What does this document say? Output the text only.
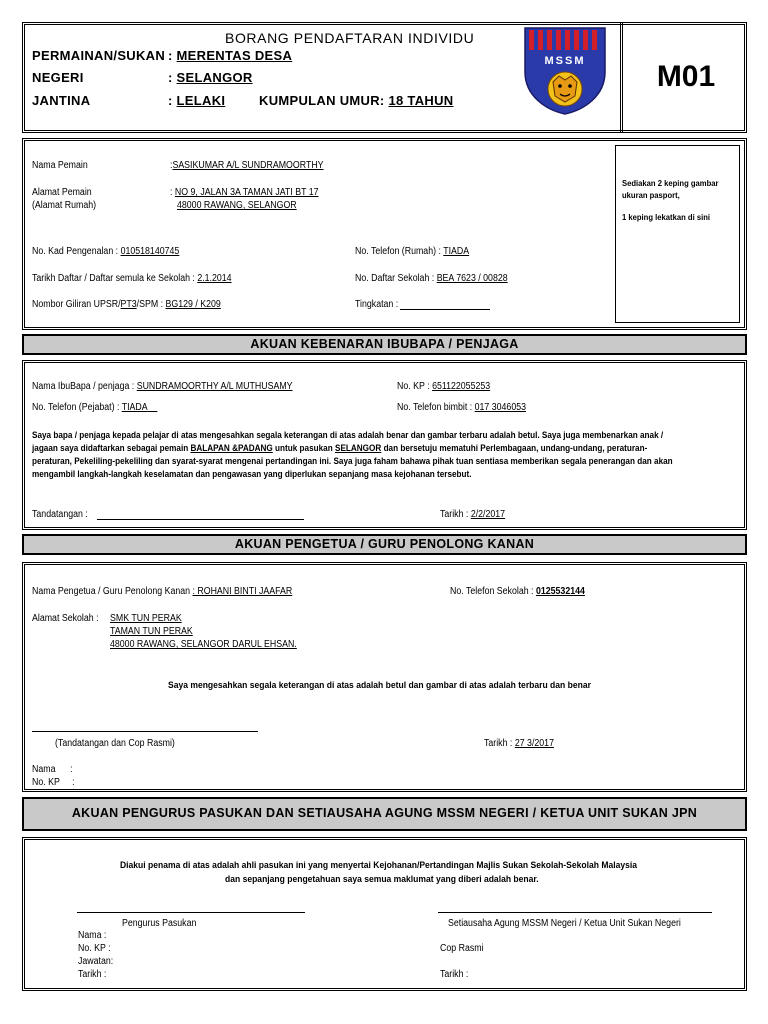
BORANG PENDAFTARAN INDIVIDU
PERMAINAN/SUKAN : MERENTAS DESA
NEGERI	: SELANGOR
JANTINA	: LELAKI	KUMPULAN UMUR: 18 TAHUN
MSSM	M01
Sediakan 2 keping gambar
ukuran pasport,
1 keping lekatkan di sini
Nama Pemain	:SASIKUMAR A/L SUNDRAMOORTHY
Alamat Pemain
(Alamat Rumah)
: NO 9, JALAN 3A TAMAN JATI BT 17
48000 RAWANG, SELANGOR
No. Kad Pengenalan : 010518140745	No. Telefon (Rumah) : TIADA
Tarikh Daftar / Daftar semula ke Sekolah : 2.1.2014	No. Daftar Sekolah : BEA 7623 / 00828
Nombor Giliran UPSR/PT3/SPM : BG129 / K209	Tingkatan :
AKUAN KEBENARAN IBUBAPA / PENJAGA
Nama IbuBapa / penjaga : SUNDRAMOORTHY A/L MUTHUSAMY	No. KP : 651122055253
No. Telefon (Pejabat) : TIADA	No. Telefon bimbit : 017 3046053
Saya bapa / penjaga kepada pelajar di atas mengesahkan segala keterangan di atas adalah benar dan gambar terbaru adalah betul. Saya juga membenarkan anak /
jagaan saya didaftarkan sebagai pemain BALAPAN &PADANG untuk pasukan SELANGOR dan bersetuju mematuhi Perlembagaan, undang-undang, peraturan-
peraturan, Pekeliling-pekeliling dan syarat-syarat mengenai pertandingan ini. Saya juga faham bahawa pihak tuan sentiasa memberikan segala penerangan dan akan
mengambil langkah-langkah keselamatan dan pengawasan yang diperlukan sepanjang masa kejohanan tersebut.
Tandatangan :	Tarikh : 2/2/2017
AKUAN PENGETUA / GURU PENOLONG KANAN
Nama Pengetua / Guru Penolong Kanan : ROHANI BINTI JAAFAR	No. Telefon Sekolah : 0125532144
Alamat Sekolah : SMK TUN PERAK
TAMAN TUN PERAK
48000 RAWANG, SELANGOR DARUL EHSAN.
Saya mengesahkan segala keterangan di atas adalah betul dan gambar di atas adalah terbaru dan benar
(Tandatangan dan Cop Rasmi)	Tarikh : 27 3/2017
Nama      :
No. KP     :
AKUAN PENGURUS PASUKAN DAN SETIAUSAHA AGUNG MSSM NEGERI / KETUA UNIT SUKAN JPN
Diakui penama di atas adalah ahli pasukan ini yang menyertai Kejohanan/Pertandingan Majlis Sukan Sekolah-Sekolah Malaysia
dan sepanjang pengetahuan saya semua maklumat yang diberi adalah benar.
Pengurus Pasukan	Setiausaha Agung MSSM Negeri / Ketua Unit Sukan Negeri
Nama :
No. KP :
Jawatan:
Tarikh :
Cop Rasmi
Tarikh :
